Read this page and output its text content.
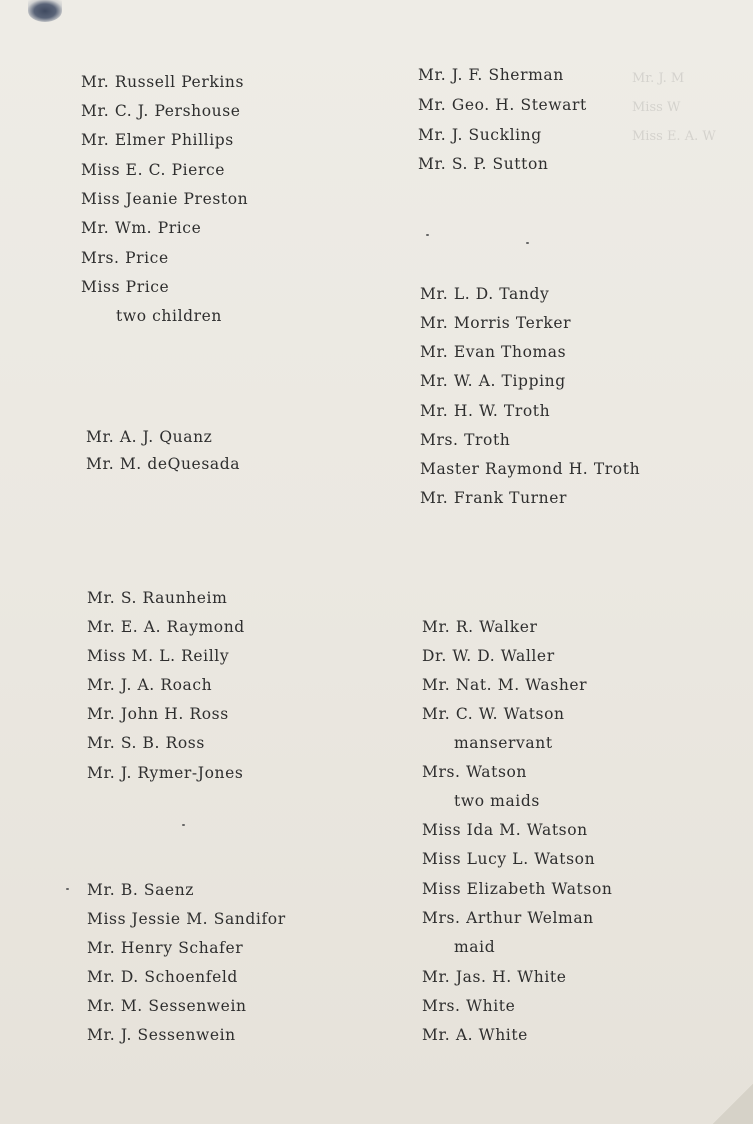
Mr. J. M
Miss W
Miss E. A. W
Mr. Russell Perkins
Mr. C. J. Pershouse
Mr. Elmer Phillips
Miss E. C. Pierce
Miss Jeanie Preston
Mr. Wm. Price
Mrs. Price
Miss Price
two children
Mr. A. J. Quanz
Mr. M. deQuesada
Mr. S. Raunheim
Mr. E. A. Raymond
Miss M. L. Reilly
Mr. J. A. Roach
Mr. John H. Ross
Mr. S. B. Ross
Mr. J. Rymer-Jones
Mr. B. Saenz
Miss Jessie M. Sandifor
Mr. Henry Schafer
Mr. D. Schoenfeld
Mr. M. Sessenwein
Mr. J. Sessenwein
Mr. J. F. Sherman
Mr. Geo. H. Stewart
Mr. J. Suckling
Mr. S. P. Sutton
Mr. L. D. Tandy
Mr. Morris Terker
Mr. Evan Thomas
Mr. W. A. Tipping
Mr. H. W. Troth
Mrs. Troth
Master Raymond H. Troth
Mr. Frank Turner
Mr. R. Walker
Dr. W. D. Waller
Mr. Nat. M. Washer
Mr. C. W. Watson
manservant
Mrs. Watson
two maids
Miss Ida M. Watson
Miss Lucy L. Watson
Miss Elizabeth Watson
Mrs. Arthur Welman
maid
Mr. Jas. H. White
Mrs. White
Mr. A. White
